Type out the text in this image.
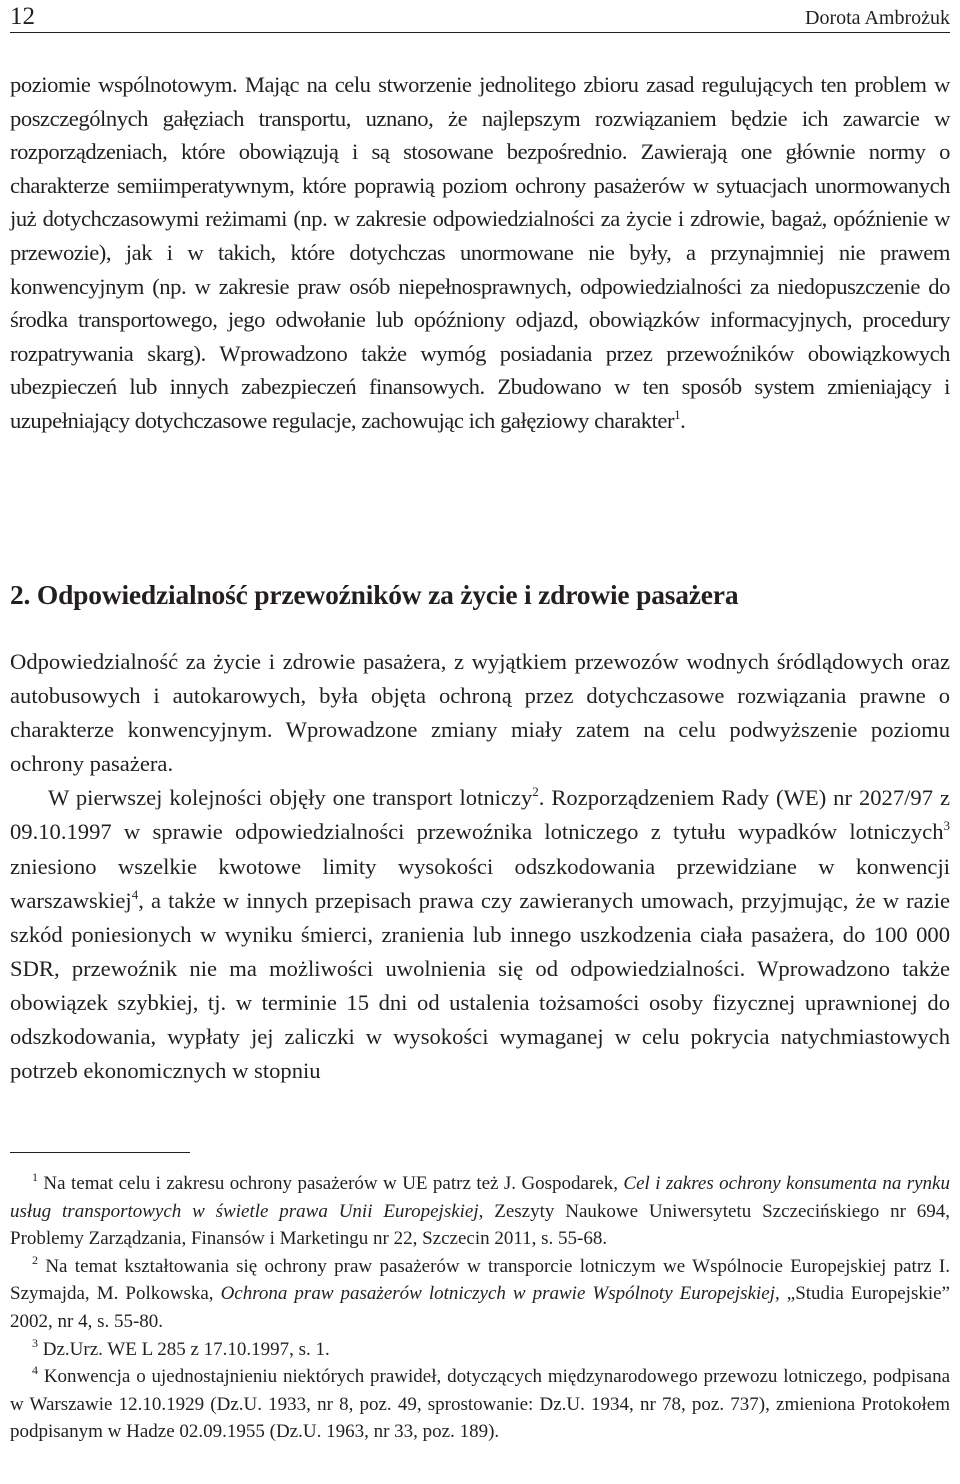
12	Dorota Ambrożuk

poziomie wspólnotowym. Mając na celu stworzenie jednolitego zbioru zasad regulujących ten problem w poszczególnych gałęziach transportu, uznano, że najlepszym rozwiązaniem będzie ich zawarcie w rozporządzeniach, które obowiązują i są stosowane bezpośrednio. Zawierają one głównie normy o charakterze semiimperatywnym, które poprawią poziom ochrony pasażerów w sytuacjach unormowanych już dotychczasowymi reżimami (np. w zakresie odpowiedzialności za życie i zdrowie, bagaż, opóźnienie w przewozie), jak i w takich, które dotychczas unormowane nie były, a przynajmniej nie prawem konwencyjnym (np. w zakresie praw osób niepełnosprawnych, odpowiedzialności za niedopuszczenie do środka transportowego, jego odwołanie lub opóźniony odjazd, obowiązków informacyjnych, procedury rozpatrywania skarg). Wprowadzono także wymóg posiadania przez przewoźników obowiązkowych ubezpieczeń lub innych zabezpieczeń finansowych. Zbudowano w ten sposób system zmieniający i uzupełniający dotychczasowe regulacje, zachowując ich gałęziowy charakter$^1$.

2. Odpowiedzialność przewoźników za życie i zdrowie pasażera

Odpowiedzialność za życie i zdrowie pasażera, z wyjątkiem przewozów wodnych śródlądowych oraz autobusowych i autokarowych, była objęta ochroną przez dotychczasowe rozwiązania prawne o charakterze konwencyjnym. Wprowadzone zmiany miały zatem na celu podwyższenie poziomu ochrony pasażera.

W pierwszej kolejności objęły one transport lotniczy$^2$. Rozporządzeniem Rady (WE) nr 2027/97 z 09.10.1997 w sprawie odpowiedzialności przewoźnika lotniczego z tytułu wypadków lotniczych$^3$ zniesiono wszelkie kwotowe limity wysokości odszkodowania przewidziane w konwencji warszawskiej$^4$, a także w innych przepisach prawa czy zawieranych umowach, przyjmując, że w razie szkód poniesionych w wyniku śmierci, zranienia lub innego uszkodzenia ciała pasażera, do 100 000 SDR, przewoźnik nie ma możliwości uwolnienia się od odpowiedzialności. Wprowadzono także obowiązek szybkiej, tj. w terminie 15 dni od ustalenia tożsamości osoby fizycznej uprawnionej do odszkodowania, wypłaty jej zaliczki w wysokości wymaganej w celu pokrycia natychmiastowych potrzeb ekonomicznych w stopniu

$^1$ Na temat celu i zakresu ochrony pasażerów w UE patrz też J. Gospodarek, Cel i zakres ochrony konsumenta na rynku usług transportowych w świetle prawa Unii Europejskiej, Zeszyty Naukowe Uniwersytetu Szczecińskiego nr 694, Problemy Zarządzania, Finansów i Marketingu nr 22, Szczecin 2011, s. 55-68.

$^2$ Na temat kształtowania się ochrony praw pasażerów w transporcie lotniczym we Wspólnocie Europejskiej patrz I. Szymajda, M. Polkowska, Ochrona praw pasażerów lotniczych w prawie Wspólnoty Europejskiej, „Studia Europejskie” 2002, nr 4, s. 55-80.

$^3$ Dz.Urz. WE L 285 z 17.10.1997, s. 1.

$^4$ Konwencja o ujednostajnieniu niektórych prawideł, dotyczących międzynarodowego przewozu lotniczego, podpisana w Warszawie 12.10.1929 (Dz.U. 1933, nr 8, poz. 49, sprostowanie: Dz.U. 1934, nr 78, poz. 737), zmieniona Protokołem podpisanym w Hadze 02.09.1955 (Dz.U. 1963, nr 33, poz. 189).
